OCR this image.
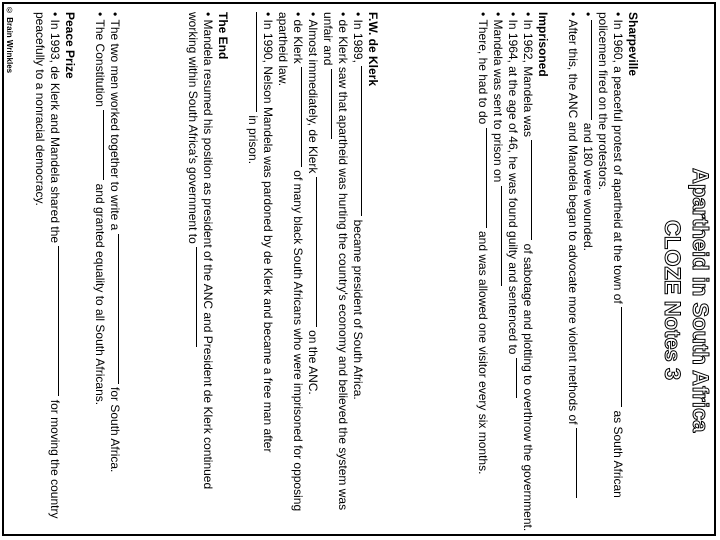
© Brain Wrinkles
Apartheid in South Africa
CLOZE Notes 3
Sharpeville
• In 1960, a peaceful protest of apartheid at the town of  as South African policemen fired on the protestors.
•  and 180 were wounded.
• After this, the ANC and Mandela began to advocate more violent methods of

Imprisoned
• In 1962, Mandela was  of sabotage and plotting to overthrow the government.
• In 1964, at the age of 46, he was found guilty and sentenced to
• Mandela was sent to prison on
• There, he had to do  and was allowed one visitor every six months.
F.W. de Klerk
• In 1989,  became president of South Africa.
• de Klerk saw that apartheid was hurting the country's economy and believed the system was unfair and
• Almost immediately, de Klerk  on the ANC.
• de Klerk  of many black South Africans who were imprisoned for opposing apartheid law.
• In 1990, Nelson Mandela was pardoned by de Klerk and became a free man after  in prison.

The End
• Mandela resumed his position as president of the ANC and President de Klerk continued working within South Africa's government to
• The two men worked together to write a  for South Africa.
• The Constitution  and granted equality to all South Africans.

Peace Prize
• In 1993, de Klerk and Mandela shared the  for moving the country peacefully to a nonracial democracy.
